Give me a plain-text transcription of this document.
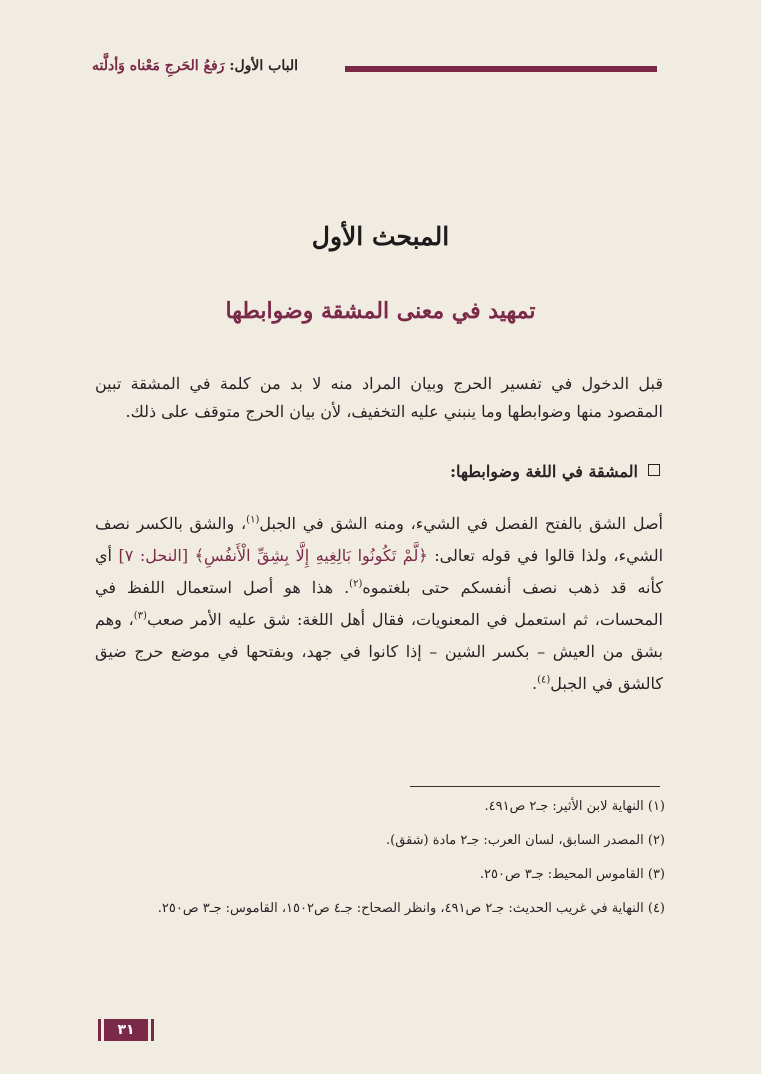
الباب الأول: رَفعُ الحَرجِ مَعْناه وَأدلَّته
المبحث الأول
تمهيد في معنى المشقة وضوابطها

قبل الدخول في تفسير الحرج وبيان المراد منه لا بد من كلمة في المشقة تبين المقصود منها وضوابطها وما ينبني عليه التخفيف، لأن بيان الحرج متوقف على ذلك.

المشقة في اللغة وضوابطها:

أصل الشق بالفتح الفصل في الشيء، ومنه الشق في الجبل$^{(١)}$، والشق بالكسر نصف الشيء، ولذا قالوا في قوله تعالى: ﴿لَّمْ تَكُونُوا بَالِغِيهِ إِلَّا بِشِقِّ الْأَنفُسِ﴾ [النحل: ٧] أي كأنه قد ذهب نصف أنفسكم حتى بلغتموه$^{(٢)}$. هذا هو أصل استعمال اللفظ في المحسات، ثم استعمل في المعنويات، فقال أهل اللغة: شق عليه الأمر صعب$^{(٣)}$، وهم بشق من العيش – بكسر الشين – إذا كانوا في جهد، وبفتحها في موضع حرج ضيق كالشق في الجبل$^{(٤)}$.

(١) النهاية لابن الأثير: جـ٢ ص٤٩١.

(٢) المصدر السابق، لسان العرب: جـ٢ مادة (شقق).

(٣) القاموس المحيط: جـ٣ ص٢٥٠.

(٤) النهاية في غريب الحديث: جـ٢ ص٤٩١، وانظر الصحاح: جـ٤ ص١٥٠٢، القاموس: جـ٣ ص٢٥٠.

٣١
